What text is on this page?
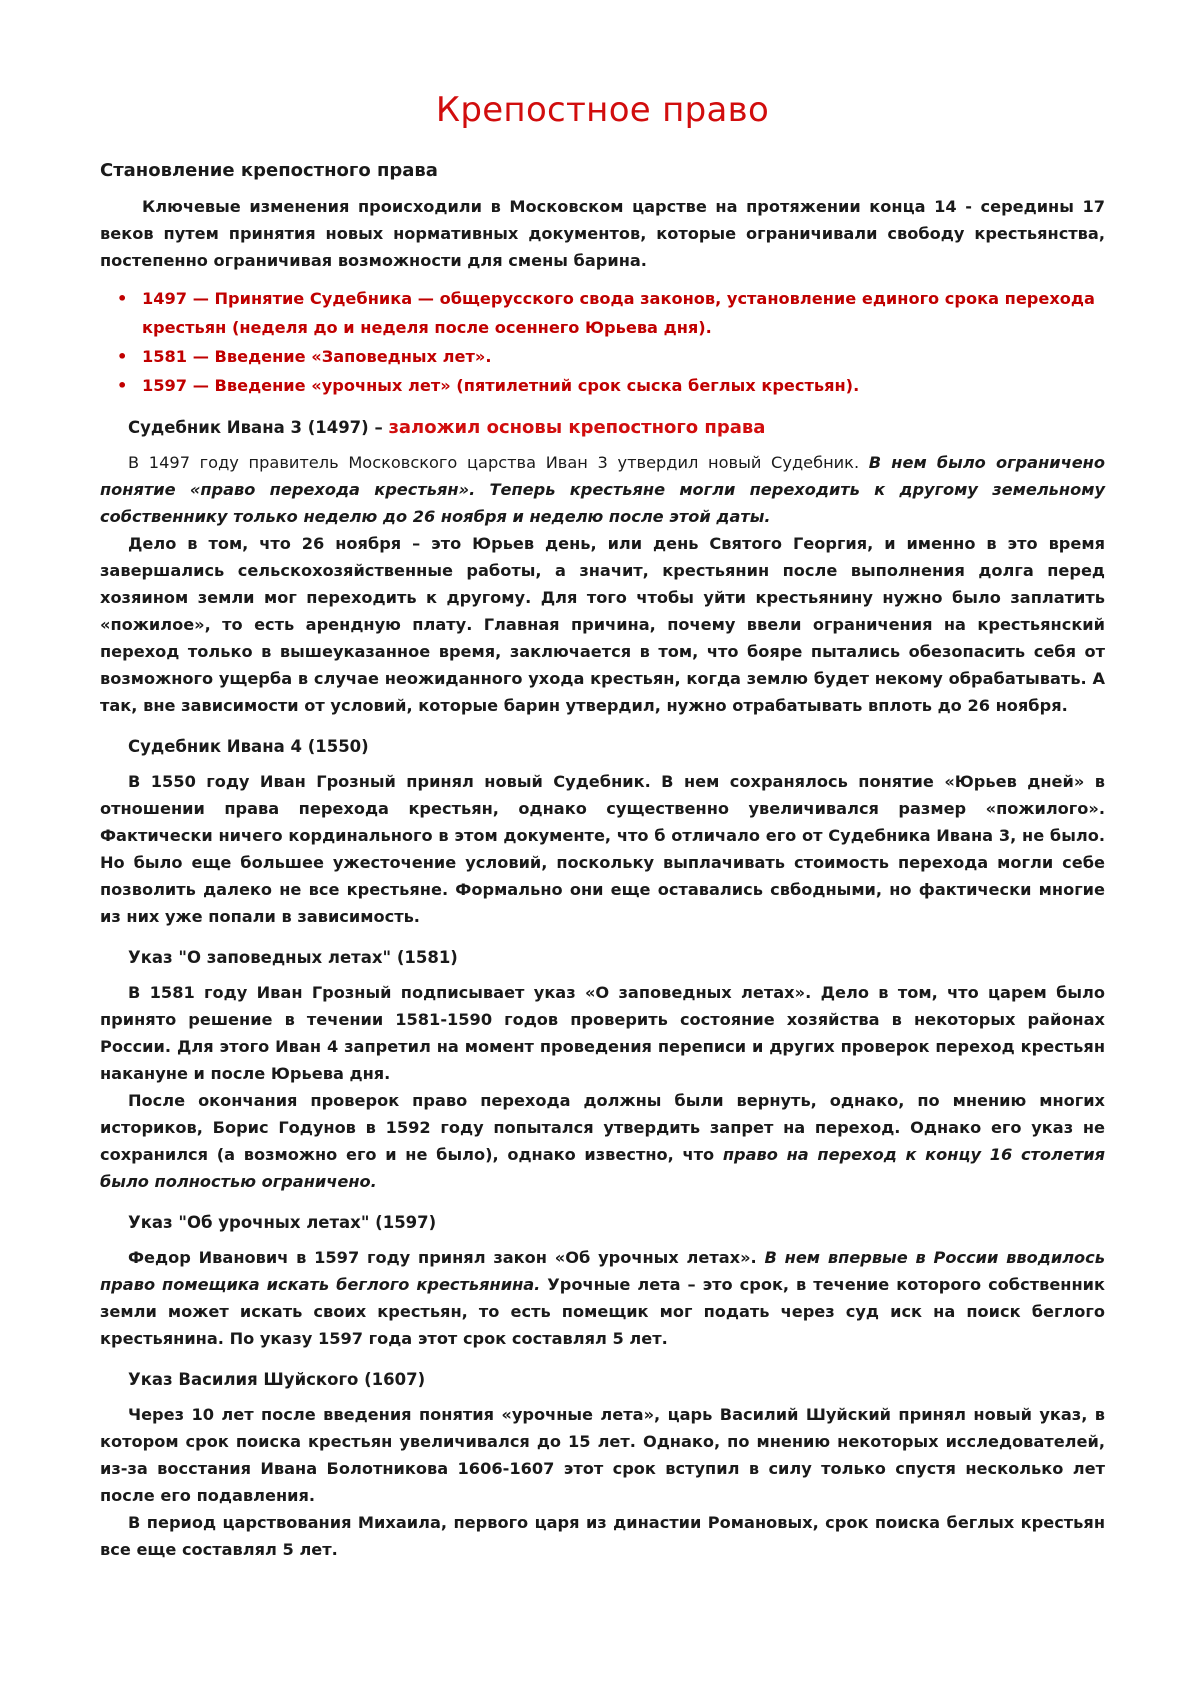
Крепостное право
Становление крепостного права

Ключевые изменения происходили в Московском царстве на протяжении конца 14 - середины 17 веков путем принятия новых нормативных документов, которые ограничивали свободу крестьянства, постепенно ограничивая возможности для смены барина.

• 1497 — Принятие Судебника — общерусского свода законов, установление единого срока перехода крестьян (неделя до и неделя после осеннего Юрьева дня).
• 1581 — Введение «Заповедных лет».
• 1597 — Введение «урочных лет» (пятилетний срок сыска беглых крестьян).
Судебник Ивана 3 (1497) – заложил основы крепостного права

В 1497 году правитель Московского царства Иван 3 утвердил новый Судебник. В нем было ограничено понятие «право перехода крестьян». Теперь крестьяне могли переходить к другому земельному собственнику только неделю до 26 ноября и неделю после этой даты.

Дело в том, что 26 ноября – это Юрьев день, или день Святого Георгия, и именно в это время завершались сельскохозяйственные работы, а значит, крестьянин после выполнения долга перед хозяином земли мог переходить к другому. Для того чтобы уйти крестьянину нужно было заплатить «пожилое», то есть арендную плату. Главная причина, почему ввели ограничения на крестьянский переход только в вышеуказанное время, заключается в том, что бояре пытались обезопасить себя от возможного ущерба в случае неожиданного ухода крестьян, когда землю будет некому обрабатывать. А так, вне зависимости от условий, которые барин утвердил, нужно отрабатывать вплоть до 26 ноября.

Судебник Ивана 4 (1550)

В 1550 году Иван Грозный принял новый Судебник. В нем сохранялось понятие «Юрьев дней» в отношении права перехода крестьян, однако существенно увеличивался размер «пожилого». Фактически ничего кординального в этом документе, что б отличало его от Судебника Ивана 3, не было. Но было еще большее ужесточение условий, поскольку выплачивать стоимость перехода могли себе позволить далеко не все крестьяне. Формально они еще оставались свбодными, но фактически многие из них уже попали в зависимость.

Указ "О заповедных летах" (1581)

В 1581 году Иван Грозный подписывает указ «О заповедных летах». Дело в том, что царем было принято решение в течении 1581-1590 годов проверить состояние хозяйства в некоторых районах России. Для этого Иван 4 запретил на момент проведения переписи и других проверок переход крестьян накануне и после Юрьева дня.

После окончания проверок право перехода должны были вернуть, однако, по мнению многих историков, Борис Годунов в 1592 году попытался утвердить запрет на переход. Однако его указ не сохранился (а возможно его и не было), однако известно, что право на переход к концу 16 столетия было полностью ограничено.

Указ "Об урочных летах" (1597)

Федор Иванович в 1597 году принял закон «Об урочных летах». В нем впервые в России вводилось право помещика искать беглого крестьянина. Урочные лета – это срок, в течение которого собственник земли может искать своих крестьян, то есть помещик мог подать через суд иск на поиск беглого крестьянина. По указу 1597 года этот срок составлял 5 лет.

Указ Василия Шуйского (1607)

Через 10 лет после введения понятия «урочные лета», царь Василий Шуйский принял новый указ, в котором срок поиска крестьян увеличивался до 15 лет. Однако, по мнению некоторых исследователей, из-за восстания Ивана Болотникова 1606-1607 этот срок вступил в силу только спустя несколько лет после его подавления.

В период царствования Михаила, первого царя из династии Романовых, срок поиска беглых крестьян все еще составлял 5 лет.
